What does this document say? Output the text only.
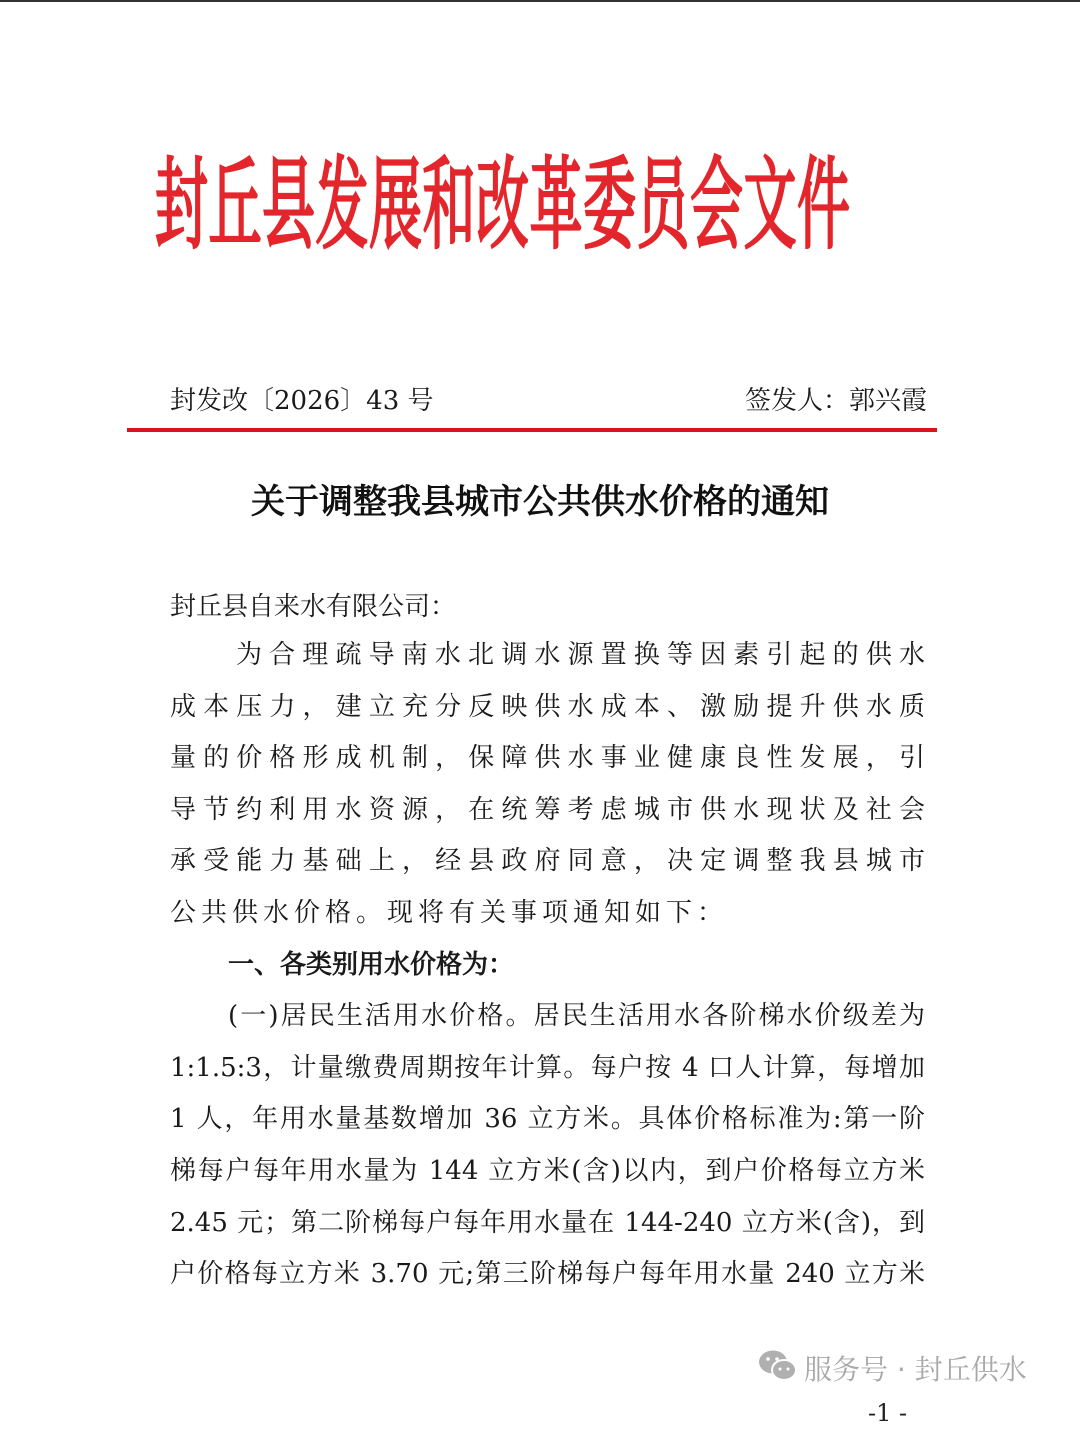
封丘县发展和改革委员会文件
封发改〔2026〕43 号	签发人：郭兴霞
关于调整我县城市公共供水价格的通知
封丘县自来水有限公司：
为合理疏导南水北调水源置换等因素引起的供水
成本压力，建立充分反映供水成本、激励提升供水质
量的价格形成机制，保障供水事业健康良性发展，引
导节约利用水资源，在统筹考虑城市供水现状及社会
承受能力基础上，经县政府同意，决定调整我县城市
公共供水价格。现将有关事项通知如下：
一、各类别用水价格为：
(一)居民生活用水价格。居民生活用水各阶梯水价级差为
1:1.5:3，计量缴费周期按年计算。每户按 4 口人计算，每增加
1 人，年用水量基数增加 36 立方米。具体价格标准为:第一阶
梯每户每年用水量为 144 立方米(含)以内，到户价格每立方米
2.45 元；第二阶梯每户每年用水量在 144-240 立方米(含)，到
户价格每立方米 3.70 元;第三阶梯每户每年用水量 240 立方米
服务号 · 封丘供水
-1 -
